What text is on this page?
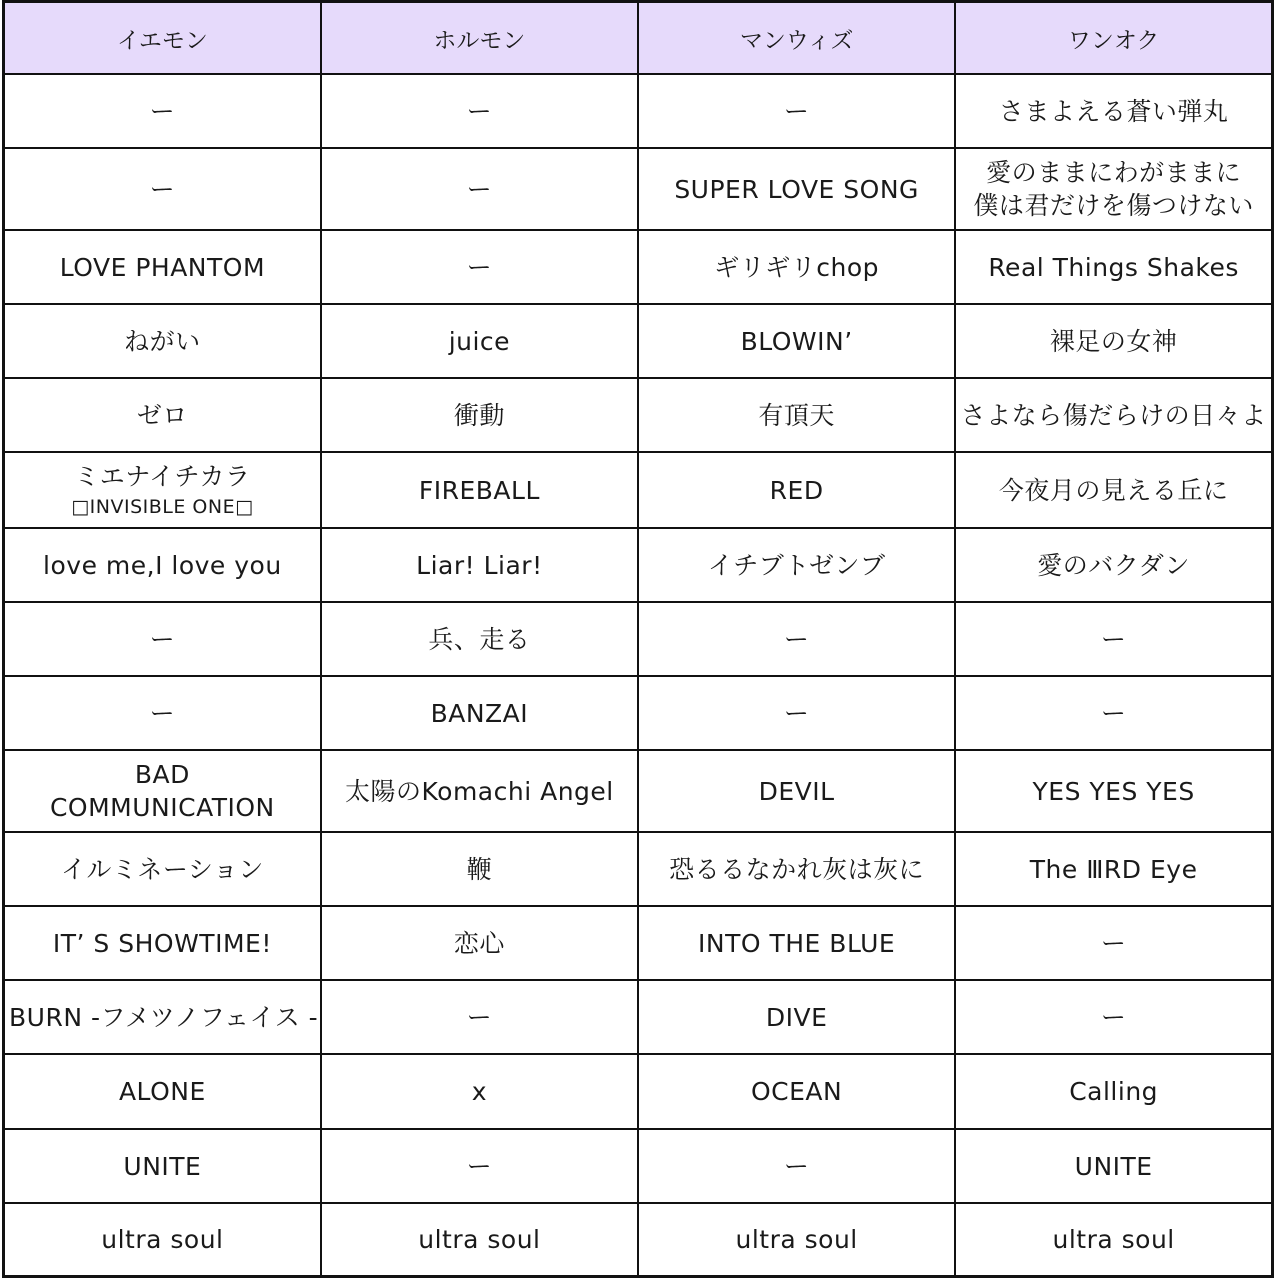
イエモン	ホルモン	マンウィズ	ワンオク

ー	ー	ー	さまよえる蒼い弾丸

ー	ー	SUPER LOVE SONG	愛のままにわがままに
僕は君だけを傷つけない

LOVE PHANTOM	ー	ギリギリchop	Real Things Shakes

ねがい	juice	BLOWIN’	裸足の女神

ゼロ	衝動	有頂天	さよなら傷だらけの日々よ

ミエナイチカラ
□INVISIBLE ONE□	FIREBALL	RED	今夜月の見える丘に

love me,I love you	Liar! Liar!	イチブトゼンブ	愛のバクダン

ー	兵、走る	ー	ー

ー	BANZAI	ー	ー

BAD
COMMUNICATION	太陽のKomachi Angel	DEVIL	YES YES YES

イルミネーション	鞭	恐るるなかれ灰は灰に	The ⅢRD Eye

IT’ S SHOWTIME!	恋心	INTO THE BLUE	ー

BURN -フメツノフェイス -	ー	DIVE	ー

ALONE	x	OCEAN	Calling

UNITE	ー	ー	UNITE

ultra soul	ultra soul	ultra soul	ultra soul
